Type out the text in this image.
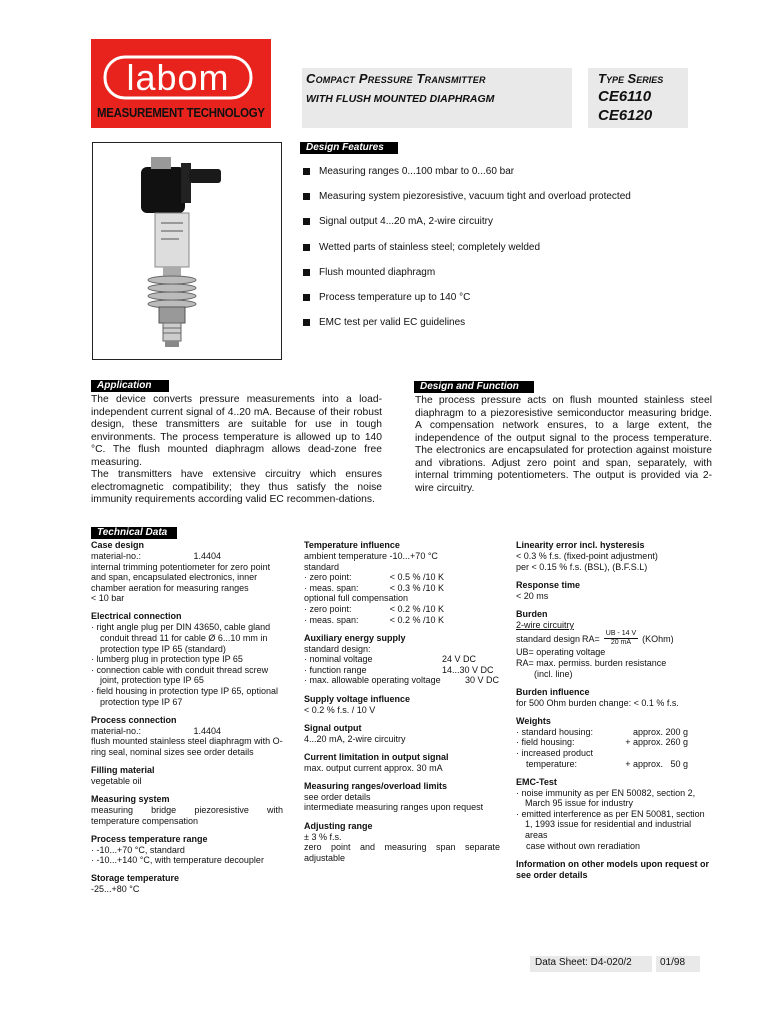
labom
MEASUREMENT TECHNOLOGY
Compact Pressure Transmitter
WITH FLUSH MOUNTED DIAPHRAGM
Type Series
CE6110
CE6120
Design Features
Measuring ranges 0...100 mbar to 0...60 bar
Measuring system piezoresistive, vacuum tight and overload protected
Signal output 4...20 mA, 2-wire circuitry
Wetted parts of stainless steel; completely welded
Flush mounted diaphragm
Process temperature up to 140 °C
EMC test per valid EC guidelines
Application
The device converts pressure measurements into a load-independent current signal of 4..20 mA. Because of their robust design, these transmitters are suitable for use in tough environments. The process temperature is allowed up to 140 °C. The flush mounted diaphragm allows dead-zone free measuring.
The transmitters have extensive circuitry which ensures electromagnetic compatibility; they thus satisfy the noise immunity requirements according valid EC recommen-dations.
Design and Function
The process pressure acts on flush mounted stainless steel diaphragm to a piezoresistive semiconductor measuring bridge. A compensation network ensures, to a large extent, the independence of the output signal to the process temperature. The electronics are encapsulated for protection against moisture and vibrations. Adjust zero point and span, separately, with internal trimming potentiometers. The output is provided via 2-wire circuitry.
Technical Data
Case design
material-no.:	1.4404
internal trimming potentiometer for zero point and span, encapsulated electronics, inner chamber aeration for measuring ranges
< 10 bar
Electrical connection
· right angle plug per DIN 43650, cable gland conduit thread 11 for cable Ø 6...10 mm in protection type IP 65 (standard)
· lumberg plug in protection type IP 65
· connection cable with conduit thread screw joint, protection type IP 65
· field housing in protection type IP 65, optional protection type IP 67
Process connection
material-no.:	1.4404
flush mounted stainless steel diaphragm with O-ring seal, nominal sizes see order details
Filling material
vegetable oil
Measuring system
measuring bridge piezoresistive with temperature compensation
Process temperature range
· -10...+70 °C, standard
· -10...+140 °C, with temperature decoupler
Storage temperature
-25...+80 °C
Temperature influence
ambient temperature -10...+70 °C
standard
· zero point:	< 0.5 % /10 K
· meas. span:	< 0.3 % /10 K
optional full compensation
· zero point:	< 0.2 % /10 K
· meas. span:	< 0.2 % /10 K
Auxiliary energy supply
standard design:
· nominal voltage	24 V DC
· function range	14...30 V DC
· max. allowable operating voltage	30 V DC
Supply voltage influence
< 0.2 % f.s. / 10 V
Signal output
4...20 mA, 2-wire circuitry
Current limitation in output signal
max. output current approx. 30 mA
Measuring ranges/overload limits
see order details
intermediate measuring ranges upon request
Adjusting range
± 3 % f.s.
zero point and measuring span separate adjustable
Linearity error incl. hysteresis
< 0.3 % f.s. (fixed-point adjustment)
per < 0.15 % f.s. (BSL), (B.F.S.L)
Response time
< 20 ms
Burden
2-wire circuitry
standard design $RA= \frac{UB - 14 V}{20 mA}$ (KOhm)
UB= operating voltage
RA= max. permiss. burden resistance
(incl. line)
Burden influence
for 500 Ohm burden change: < 0.1 % f.s.
Weights
· standard housing:	approx. 200 g
· field housing:	+ approx. 260 g
· increased product
temperature:	+ approx.   50 g
EMC-Test
· noise immunity as per EN 50082, section 2, March 95 issue for industry
· emitted interference as per EN 50081, section 1, 1993 issue for residential and industrial areas
case without own reradiation
Information on other models upon request or see order details
Data Sheet: D4-020/2	01/98
